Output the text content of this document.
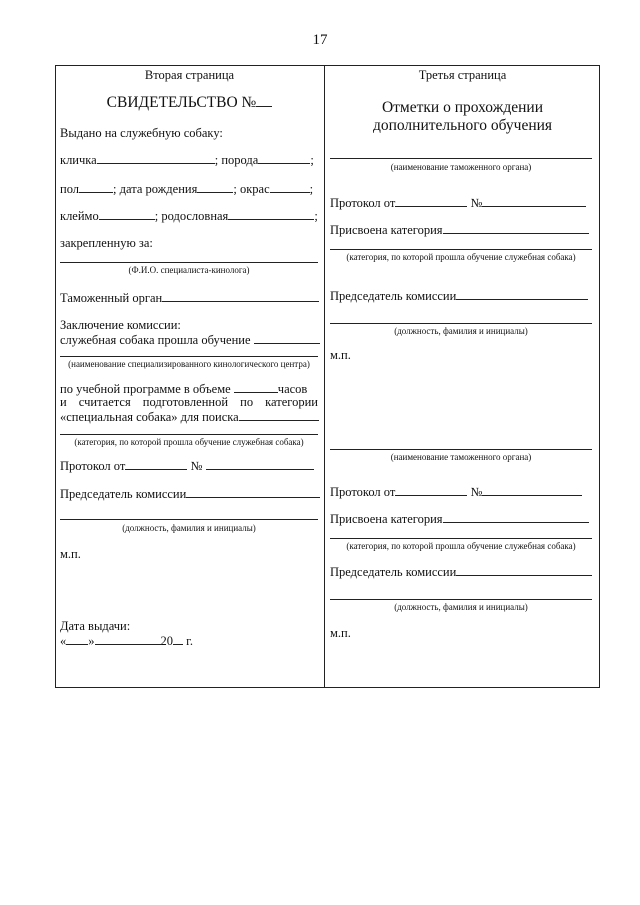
17
Вторая страница
СВИДЕТЕЛЬСТВО №
Выдано на служебную собаку:
кличка	; порода	;
пол	; дата рождения	; окрас	;
клеймо	; родословная	;
закрепленную за:
(Ф.И.О. специалиста-кинолога)
Таможенный орган
Заключение комиссии:
служебная собака прошла обучение
(наименование специализированного кинологического центра)
по учебной программе в объеме	часов
и считается подготовленной по категории
«специальная собака» для поиска
(категория, по которой прошла обучение служебная собака)
Протокол от	№
Председатель комиссии
(должность, фамилия и инициалы)
м.п.
Дата выдачи:
« »	20 г.
Третья страница
Отметки о прохождении
дополнительного обучения
(наименование таможенного органа)
Протокол от	№
Присвоена категория
(категория, по которой прошла обучение служебная собака)
Председатель комиссии
(должность, фамилия и инициалы)
м.п.
(наименование таможенного органа)
Протокол от	№
Присвоена категория
(категория, по которой прошла обучение служебная собака)
Председатель комиссии
(должность, фамилия и инициалы)
м.п.
